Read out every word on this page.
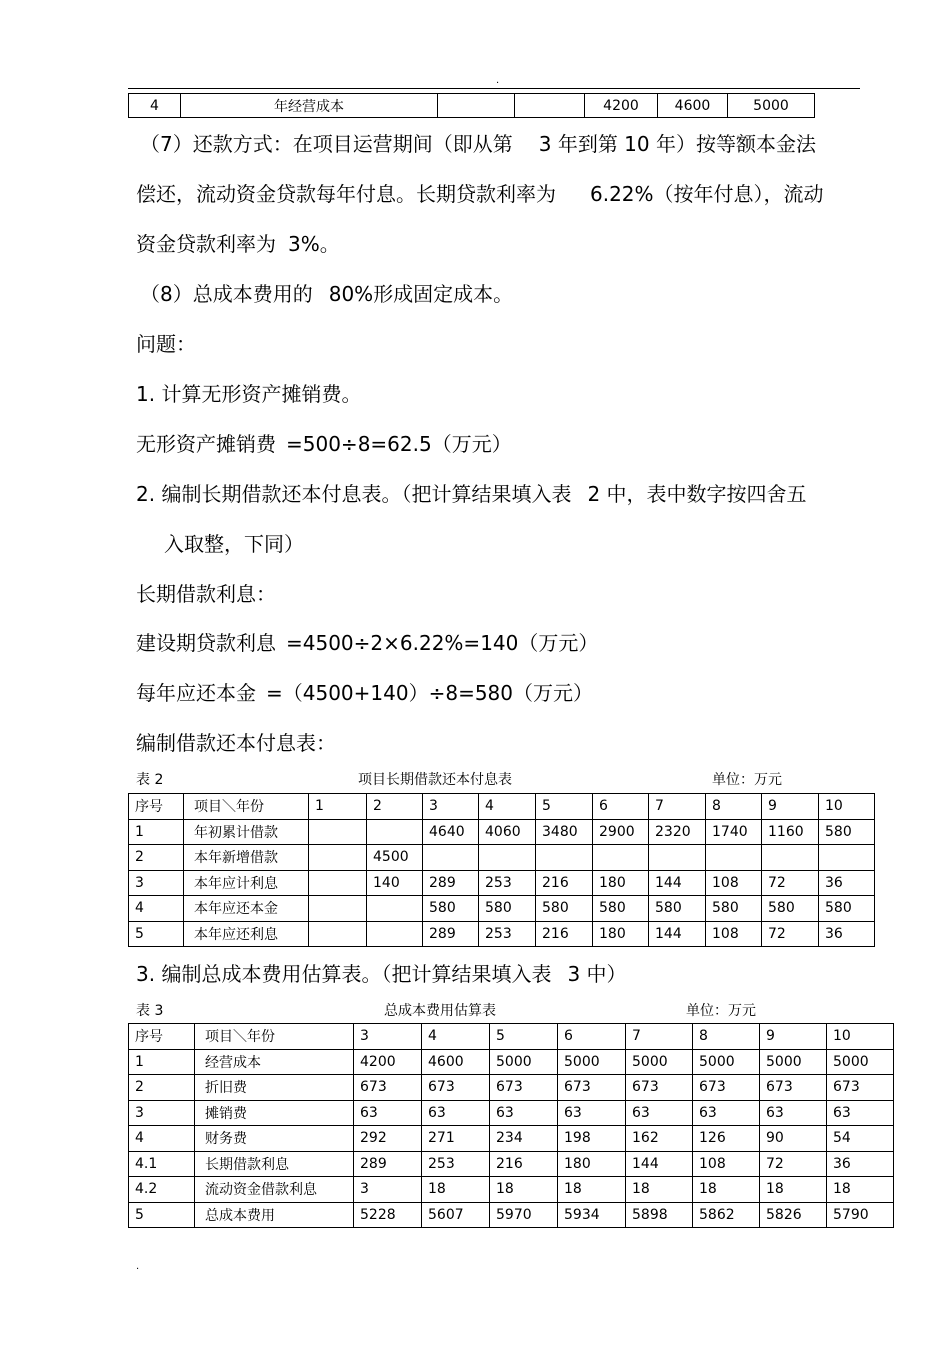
.
4	年经营成本			4200	4600	5000
（7）还款方式：在项目运营期间（即从第 3 年到第 10 年）按等额本金法
偿还，流动资金贷款每年付息。长期贷款利率为 6.22%（按年付息），流动
资金贷款利率为 3%。
（8）总成本费用的 80%形成固定成本。
问题：
1. 计算无形资产摊销费。
无形资产摊销费 =500÷8=62.5（万元）
2. 编制长期借款还本付息表。（把计算结果填入表 2 中，表中数字按四舍五
入取整，下同）
长期借款利息：
建设期贷款利息 =4500÷2×6.22%=140（万元）
每年应还本金 =（4500+140）÷8=580（万元）
编制借款还本付息表：
表 2	项目长期借款还本付息表	单位：万元
序号	项目＼年份	1	2	3	4	5	6	7	8	9	10
1	年初累计借款			4640	4060	3480	2900	2320	1740	1160	580
2	本年新增借款		4500								
3	本年应计利息		140	289	253	216	180	144	108	72	36
4	本年应还本金			580	580	580	580	580	580	580	580
5	本年应还利息			289	253	216	180	144	108	72	36
3. 编制总成本费用估算表。（把计算结果填入表 3 中）
表 3	总成本费用估算表	单位：万元
序号	项目＼年份	3	4	5	6	7	8	9	10
1	经营成本	4200	4600	5000	5000	5000	5000	5000	5000
2	折旧费	673	673	673	673	673	673	673	673
3	摊销费	63	63	63	63	63	63	63	63
4	财务费	292	271	234	198	162	126	90	54
4.1	长期借款利息	289	253	216	180	144	108	72	36
4.2	流动资金借款利息	3	18	18	18	18	18	18	18
5	总成本费用	5228	5607	5970	5934	5898	5862	5826	5790
.
